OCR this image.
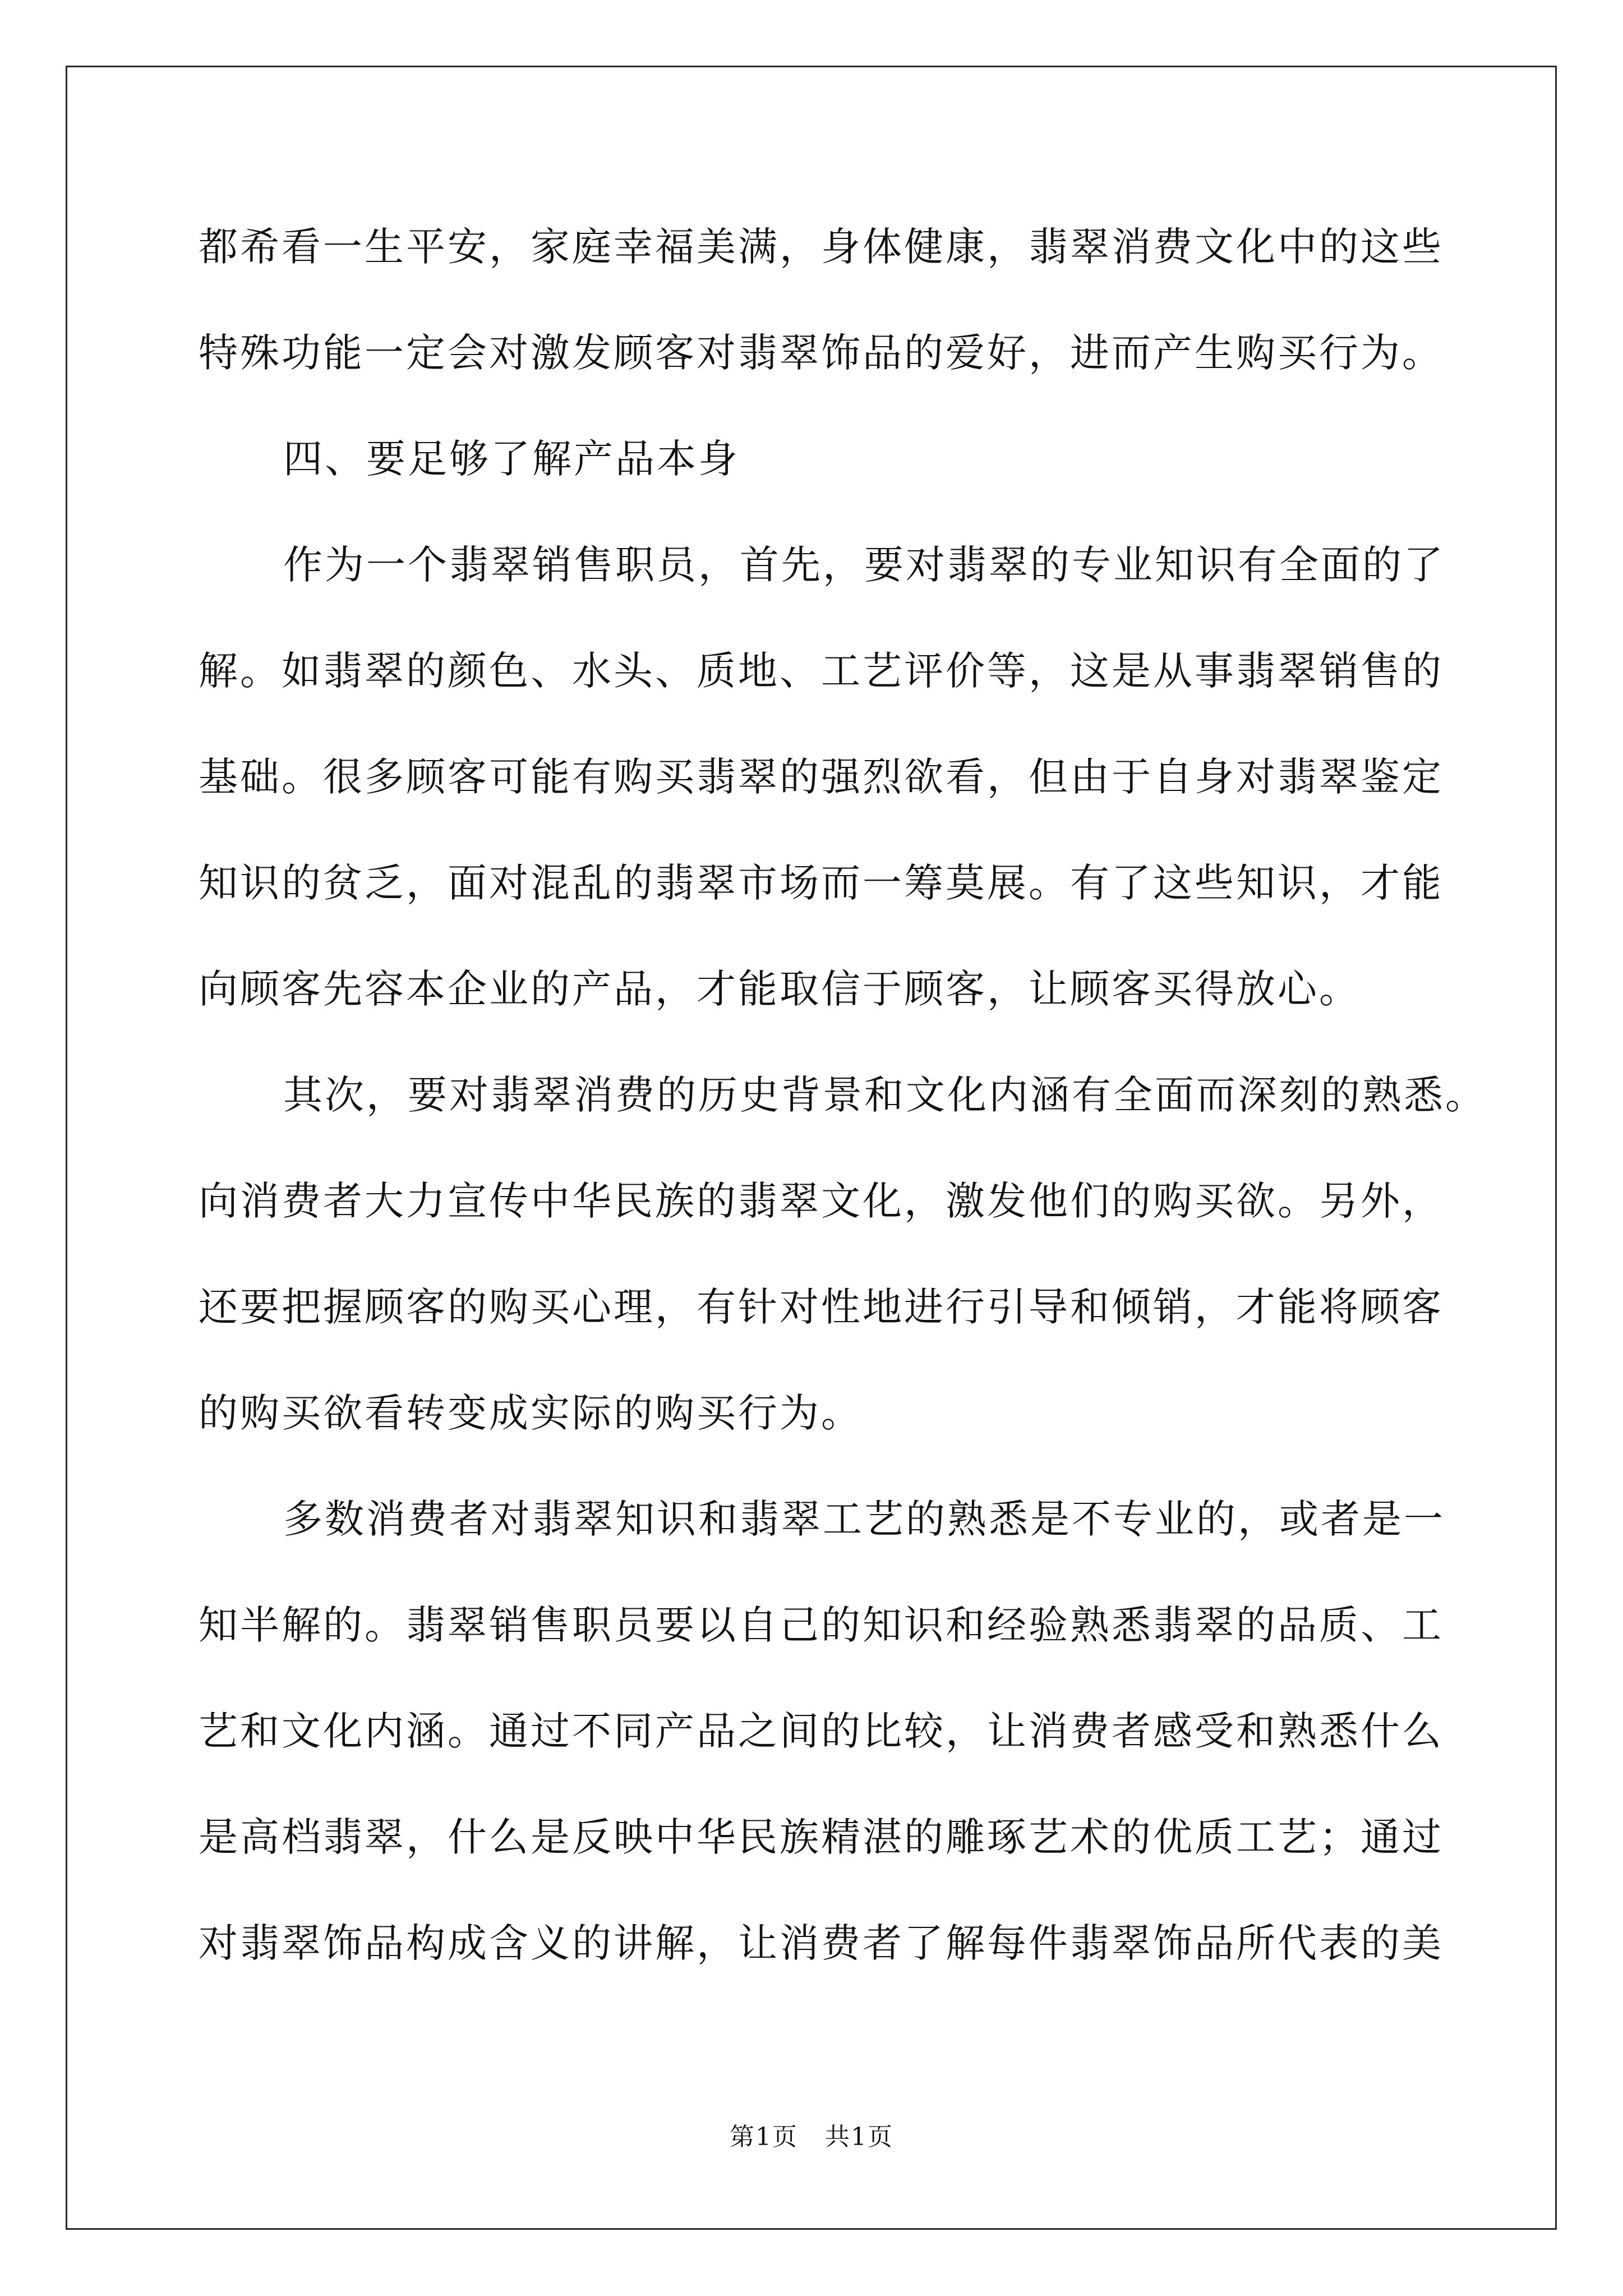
都希看一生平安，家庭幸福美满，身体健康，翡翠消费文化中的这些
特殊功能一定会对激发顾客对翡翠饰品的爱好，进而产生购买行为。
四、要足够了解产品本身
作为一个翡翠销售职员，首先，要对翡翠的专业知识有全面的了
解。如翡翠的颜色、水头、质地、工艺评价等，这是从事翡翠销售的
基础。很多顾客可能有购买翡翠的强烈欲看，但由于自身对翡翠鉴定
知识的贫乏，面对混乱的翡翠市场而一筹莫展。有了这些知识，才能
向顾客先容本企业的产品，才能取信于顾客，让顾客买得放心。
其次，要对翡翠消费的历史背景和文化内涵有全面而深刻的熟悉。
向消费者大力宣传中华民族的翡翠文化，激发他们的购买欲。另外，
还要把握顾客的购买心理，有针对性地进行引导和倾销，才能将顾客
的购买欲看转变成实际的购买行为。
多数消费者对翡翠知识和翡翠工艺的熟悉是不专业的，或者是一
知半解的。翡翠销售职员要以自己的知识和经验熟悉翡翠的品质、工
艺和文化内涵。通过不同产品之间的比较，让消费者感受和熟悉什么
是高档翡翠，什么是反映中华民族精湛的雕琢艺术的优质工艺；通过
对翡翠饰品构成含义的讲解，让消费者了解每件翡翠饰品所代表的美
第1页   共1页
